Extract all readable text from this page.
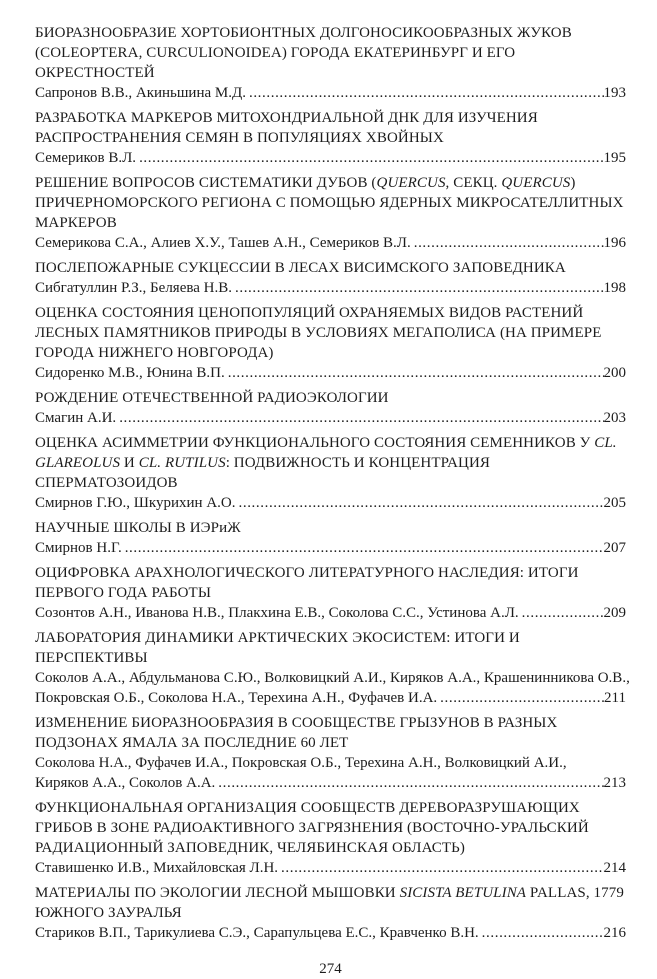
БИОРАЗНООБРАЗИЕ ХОРТОБИОНТНЫХ ДОЛГОНОСИКООБРАЗНЫХ ЖУКОВ (COLEOPTERA, CURCULIONOIDEA) ГОРОДА ЕКАТЕРИНБУРГ И ЕГО ОКРЕСТНОСТЕЙ
Сапронов В.В., Акиньшина М.Д. .....	193
РАЗРАБОТКА МАРКЕРОВ МИТОХОНДРИАЛЬНОЙ ДНК ДЛЯ ИЗУЧЕНИЯ РАСПРОСТРАНЕНИЯ СЕМЯН В ПОПУЛЯЦИЯХ ХВОЙНЫХ
Семериков В.Л. .....	195
РЕШЕНИЕ ВОПРОСОВ СИСТЕМАТИКИ ДУБОВ (QUERCUS, СЕКЦ. QUERCUS) ПРИЧЕРНОМОРСКОГО РЕГИОНА С ПОМОЩЬЮ ЯДЕРНЫХ МИКРОСАТЕЛЛИТНЫХ МАРКЕРОВ
Семерикова С.А., Алиев Х.У., Ташев А.Н., Семериков В.Л. .....	196
ПОСЛЕПОЖАРНЫЕ СУКЦЕССИИ В ЛЕСАХ ВИСИМСКОГО ЗАПОВЕДНИКА
Сибгатуллин Р.З., Беляева Н.В. .....	198
ОЦЕНКА СОСТОЯНИЯ ЦЕНОПОПУЛЯЦИЙ ОХРАНЯЕМЫХ ВИДОВ РАСТЕНИЙ ЛЕСНЫХ ПАМЯТНИКОВ ПРИРОДЫ В УСЛОВИЯХ МЕГАПОЛИСА (НА ПРИМЕРЕ ГОРОДА НИЖНЕГО НОВГОРОДА)
Сидоренко М.В., Юнина В.П. .....	200
РОЖДЕНИЕ ОТЕЧЕСТВЕННОЙ РАДИОЭКОЛОГИИ
Смагин А.И. .....	203
ОЦЕНКА АСИММЕТРИИ ФУНКЦИОНАЛЬНОГО СОСТОЯНИЯ СЕМЕННИКОВ У CL. GLAREOLUS И CL. RUTILUS: ПОДВИЖНОСТЬ И КОНЦЕНТРАЦИЯ СПЕРМАТОЗОИДОВ
Смирнов Г.Ю., Шкурихин А.О. .....	205
НАУЧНЫЕ ШКОЛЫ В ИЭРиЖ
Смирнов Н.Г. .....	207
ОЦИФРОВКА АРАХНОЛОГИЧЕСКОГО ЛИТЕРАТУРНОГО НАСЛЕДИЯ: ИТОГИ ПЕРВОГО ГОДА РАБОТЫ
Созонтов А.Н., Иванова Н.В., Плакхина Е.В., Соколова С.С., Устинова А.Л. .....	209
ЛАБОРАТОРИЯ ДИНАМИКИ АРКТИЧЕСКИХ ЭКОСИСТЕМ: ИТОГИ И ПЕРСПЕКТИВЫ
Соколов А.А., Абдульманова С.Ю., Волковицкий А.И., Киряков А.А., Крашенинникова О.В.,
Покровская О.Б., Соколова Н.А., Терехина А.Н., Фуфачев И.А. .....	211
ИЗМЕНЕНИЕ БИОРАЗНООБРАЗИЯ В СООБЩЕСТВЕ ГРЫЗУНОВ В РАЗНЫХ ПОДЗОНАХ ЯМАЛА ЗА ПОСЛЕДНИЕ 60 ЛЕТ
Соколова Н.А., Фуфачев И.А., Покровская О.Б., Терехина А.Н., Волковицкий А.И.,
Киряков А.А., Соколов А.А. .....	213
ФУНКЦИОНАЛЬНАЯ ОРГАНИЗАЦИЯ СООБЩЕСТВ ДЕРЕВОРАЗРУШАЮЩИХ ГРИБОВ В ЗОНЕ РАДИОАКТИВНОГО ЗАГРЯЗНЕНИЯ (ВОСТОЧНО-УРАЛЬСКИЙ РАДИАЦИОННЫЙ ЗАПОВЕДНИК, ЧЕЛЯБИНСКАЯ ОБЛАСТЬ)
Ставишенко И.В., Михайловская Л.Н. .....	214
МАТЕРИАЛЫ ПО ЭКОЛОГИИ ЛЕСНОЙ МЫШОВКИ SICISTA BETULINA PALLAS, 1779 ЮЖНОГО ЗАУРАЛЬЯ
Стариков В.П., Тарикулиева С.Э., Сарапульцева Е.С., Кравченко В.Н. .....	216
274
